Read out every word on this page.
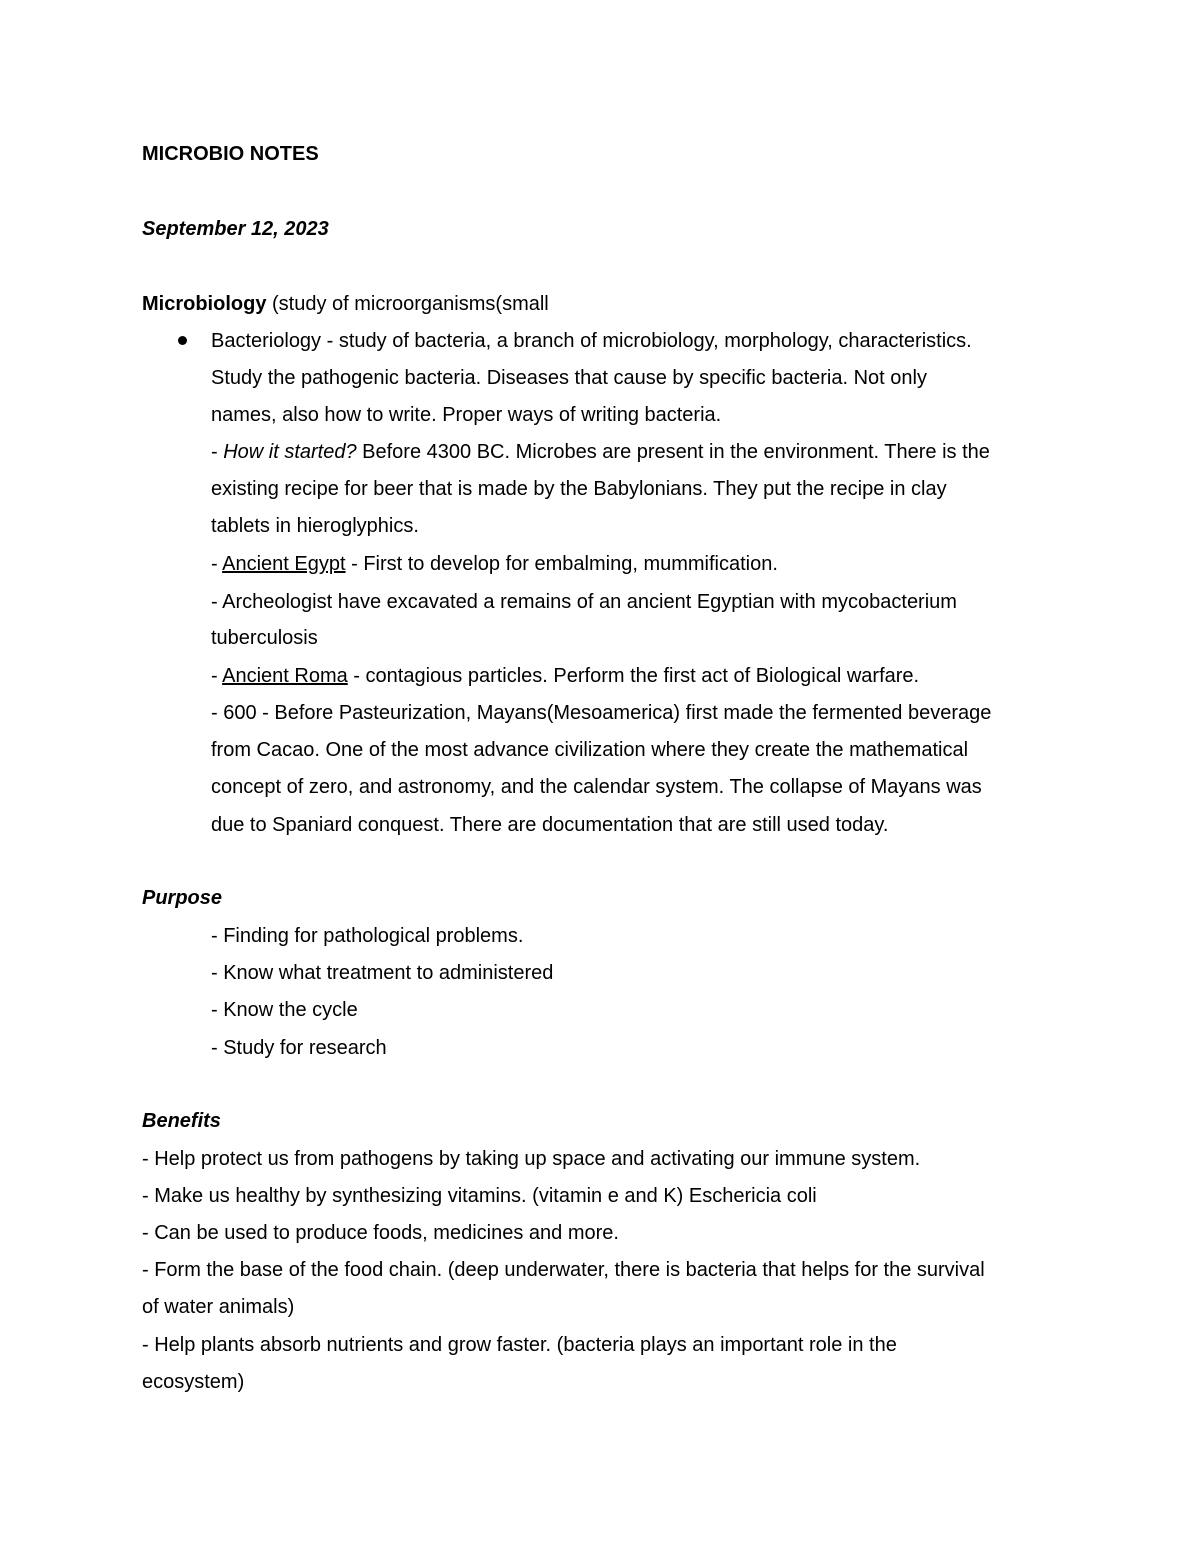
MICROBIO NOTES
September 12, 2023
Microbiology (study of microorganisms(small
Bacteriology - study of bacteria, a branch of microbiology, morphology, characteristics.
Study the pathogenic bacteria. Diseases that cause by specific bacteria. Not only
names, also how to write. Proper ways of writing bacteria.
- How it started? Before 4300 BC. Microbes are present in the environment. There is the
existing recipe for beer that is made by the Babylonians. They put the recipe in clay
tablets in hieroglyphics.
- Ancient Egypt - First to develop for embalming, mummification.
- Archeologist have excavated a remains of an ancient Egyptian with mycobacterium
tuberculosis
- Ancient Roma - contagious particles. Perform the first act of Biological warfare.
- 600 - Before Pasteurization, Mayans(Mesoamerica) first made the fermented beverage
from Cacao. One of the most advance civilization where they create the mathematical
concept of zero, and astronomy, and the calendar system. The collapse of Mayans was
due to Spaniard conquest. There are documentation that are still used today.
Purpose
- Finding for pathological problems.
- Know what treatment to administered
- Know the cycle
- Study for research
Benefits
- Help protect us from pathogens by taking up space and activating our immune system.
- Make us healthy by synthesizing vitamins. (vitamin e and K) Eschericia coli
- Can be used to produce foods, medicines and more.
- Form the base of the food chain. (deep underwater, there is bacteria that helps for the survival
of water animals)
- Help plants absorb nutrients and grow faster. (bacteria plays an important role in the
ecosystem)
